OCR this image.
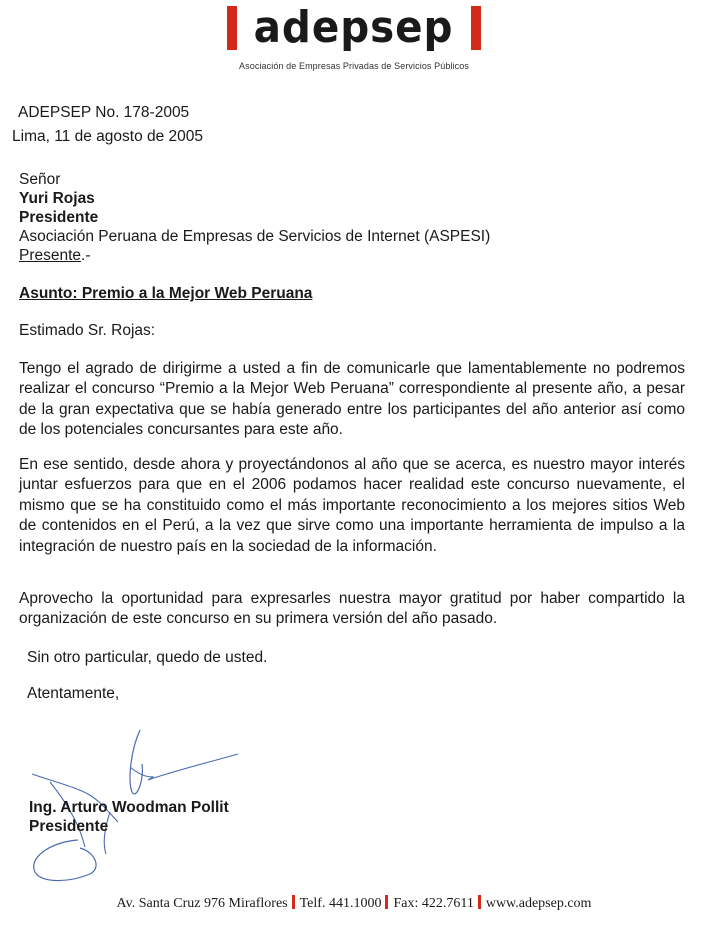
adepsep
Asociación de Empresas Privadas de Servicios Públicos
ADEPSEP No. 178-2005
Lima, 11 de agosto de 2005
Señor
Yuri Rojas
Presidente
Asociación Peruana de Empresas de Servicios de Internet (ASPESI)
Presente.-
Asunto: Premio a la Mejor Web Peruana
Estimado Sr. Rojas:
Tengo el agrado de dirigirme a usted a fin de comunicarle que lamentablemente no podremos realizar el concurso “Premio a la Mejor Web Peruana” correspondiente al presente año, a pesar de la gran expectativa que se había generado entre los participantes del año anterior así como de los potenciales concursantes para este año.
En ese sentido, desde ahora y proyectándonos al año que se acerca, es nuestro mayor interés juntar esfuerzos para que en el 2006 podamos hacer realidad este concurso nuevamente, el mismo que se ha constituido como el más importante reconocimiento a los mejores sitios Web de contenidos en el Perú, a la vez que sirve como una importante herramienta de impulso a la integración de nuestro país en la sociedad de la información.
Aprovecho la oportunidad para expresarles nuestra mayor gratitud por haber compartido la organización de este concurso en su primera versión del año pasado.
Sin otro particular, quedo de usted.
Atentamente,
Ing. Arturo Woodman Pollit
Presidente
Av. Santa Cruz 976 Miraflores Telf. 441.1000 Fax: 422.7611 www.adepsep.com
